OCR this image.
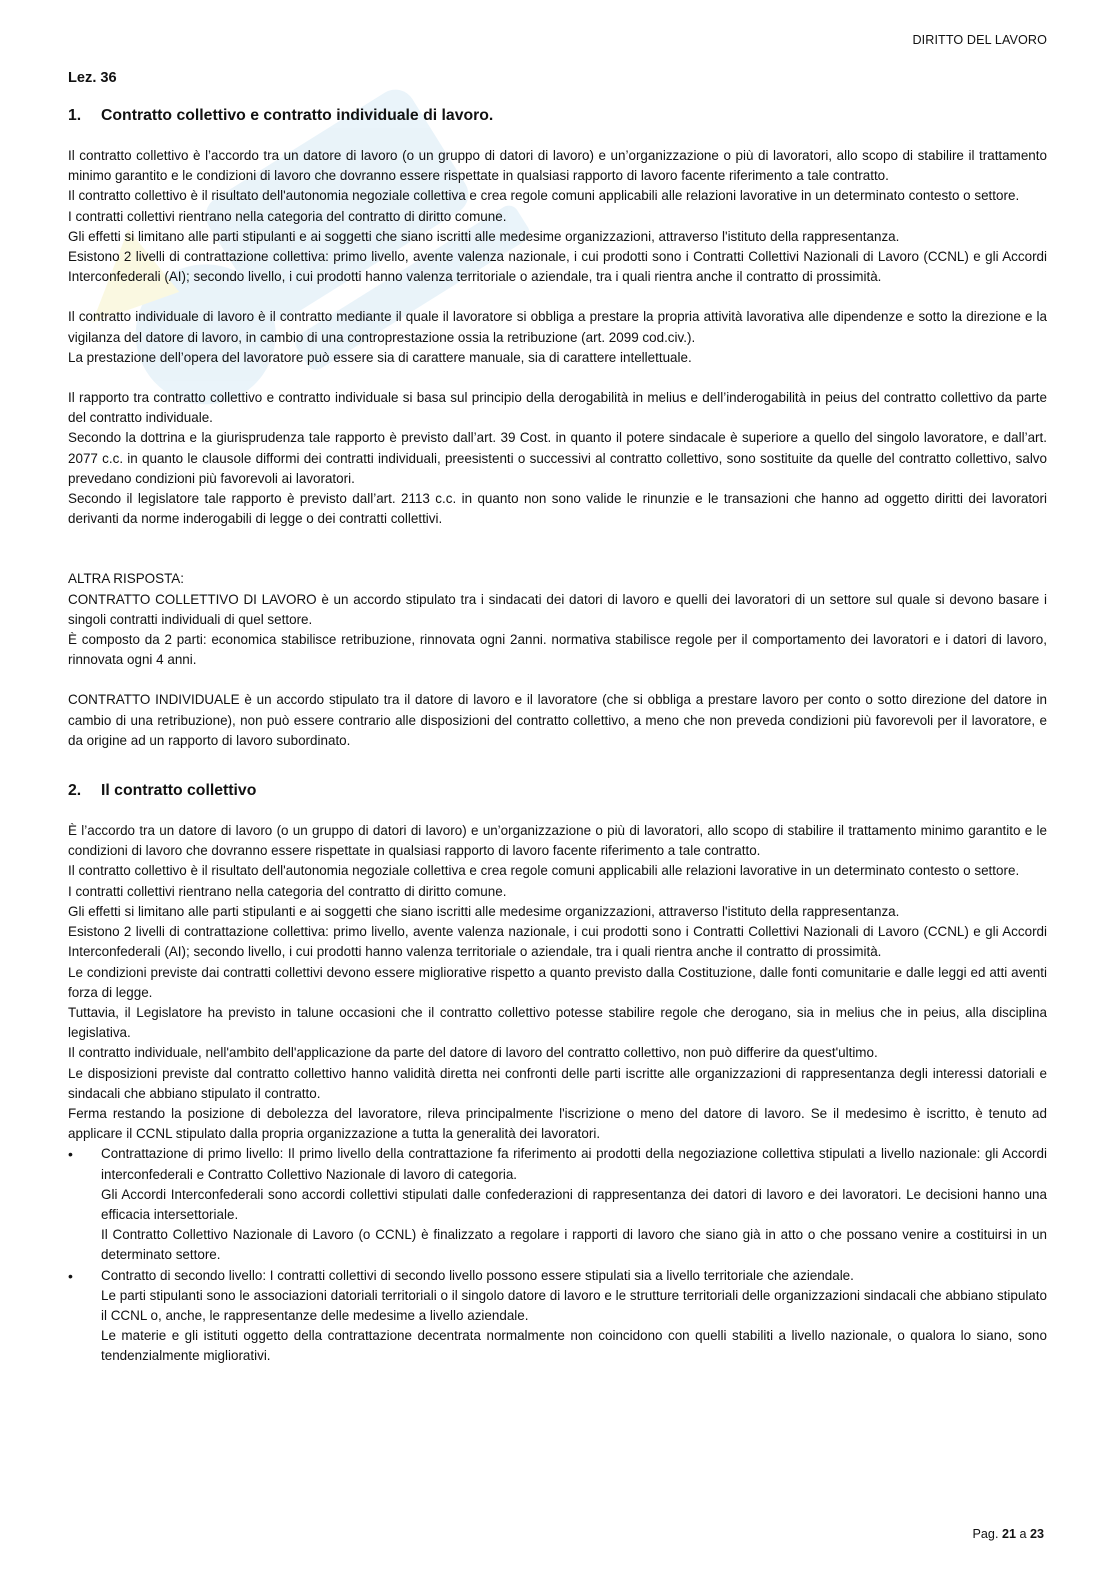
DIRITTO DEL LAVORO

Lez. 36

1.	Contratto collettivo e contratto individuale di lavoro.

Il contratto collettivo è l’accordo tra un datore di lavoro (o un gruppo di datori di lavoro) e un’organizzazione o più di lavoratori, allo scopo di stabilire il trattamento minimo garantito e le condizioni di lavoro che dovranno essere rispettate in qualsiasi rapporto di lavoro facente riferimento a tale contratto.

Il contratto collettivo è il risultato dell'autonomia negoziale collettiva e crea regole comuni applicabili alle relazioni lavorative in un determinato contesto o settore.

I contratti collettivi rientrano nella categoria del contratto di diritto comune.

Gli effetti si limitano alle parti stipulanti e ai soggetti che siano iscritti alle medesime organizzazioni, attraverso l'istituto della rappresentanza.

Esistono 2 livelli di contrattazione collettiva: primo livello, avente valenza nazionale, i cui prodotti sono i Contratti Collettivi Nazionali di Lavoro (CCNL) e gli Accordi Interconfederali (AI); secondo livello, i cui prodotti hanno valenza territoriale o aziendale, tra i quali rientra anche il contratto di prossimità.

Il contratto individuale di lavoro è il contratto mediante il quale il lavoratore si obbliga a prestare la propria attività lavorativa alle dipendenze e sotto la direzione e la vigilanza del datore di lavoro, in cambio di una controprestazione ossia la retribuzione (art. 2099 cod.civ.).

La prestazione dell’opera del lavoratore può essere sia di carattere manuale, sia di carattere intellettuale.

Il rapporto tra contratto collettivo e contratto individuale si basa sul principio della derogabilità in melius e dell’inderogabilità in peius del contratto collettivo da parte del contratto individuale.

Secondo la dottrina e la giurisprudenza tale rapporto è previsto dall’art. 39 Cost. in quanto il potere sindacale è superiore a quello del singolo lavoratore, e dall’art. 2077 c.c. in quanto le clausole difformi dei contratti individuali, preesistenti o successivi al contratto collettivo, sono sostituite da quelle del contratto collettivo, salvo prevedano condizioni più favorevoli ai lavoratori.

Secondo il legislatore tale rapporto è previsto dall’art. 2113 c.c. in quanto non sono valide le rinunzie e le transazioni che hanno ad oggetto diritti dei lavoratori derivanti da norme inderogabili di legge o dei contratti collettivi.

ALTRA RISPOSTA:

CONTRATTO COLLETTIVO DI LAVORO è un accordo stipulato tra i sindacati dei datori di lavoro e quelli dei lavoratori di un settore sul quale si devono basare i singoli contratti individuali di quel settore.

È composto da 2 parti: economica stabilisce retribuzione, rinnovata ogni 2anni. normativa stabilisce regole per il comportamento dei lavoratori e i datori di lavoro, rinnovata ogni 4 anni.

CONTRATTO INDIVIDUALE è un accordo stipulato tra il datore di lavoro e il lavoratore (che si obbliga a prestare lavoro per conto o sotto direzione del datore in cambio di una retribuzione), non può essere contrario alle disposizioni del contratto collettivo, a meno che non preveda condizioni più favorevoli per il lavoratore, e da origine ad un rapporto di lavoro subordinato.

2.	Il contratto collettivo

È l’accordo tra un datore di lavoro (o un gruppo di datori di lavoro) e un’organizzazione o più di lavoratori, allo scopo di stabilire il trattamento minimo garantito e le condizioni di lavoro che dovranno essere rispettate in qualsiasi rapporto di lavoro facente riferimento a tale contratto.

Il contratto collettivo è il risultato dell'autonomia negoziale collettiva e crea regole comuni applicabili alle relazioni lavorative in un determinato contesto o settore.

I contratti collettivi rientrano nella categoria del contratto di diritto comune.

Gli effetti si limitano alle parti stipulanti e ai soggetti che siano iscritti alle medesime organizzazioni, attraverso l'istituto della rappresentanza.

Esistono 2 livelli di contrattazione collettiva: primo livello, avente valenza nazionale, i cui prodotti sono i Contratti Collettivi Nazionali di Lavoro (CCNL) e gli Accordi Interconfederali (AI); secondo livello, i cui prodotti hanno valenza territoriale o aziendale, tra i quali rientra anche il contratto di prossimità.

Le condizioni previste dai contratti collettivi devono essere migliorative rispetto a quanto previsto dalla Costituzione, dalle fonti comunitarie e dalle leggi ed atti aventi forza di legge.

Tuttavia, il Legislatore ha previsto in talune occasioni che il contratto collettivo potesse stabilire regole che derogano, sia in melius che in peius, alla disciplina legislativa.

Il contratto individuale, nell'ambito dell'applicazione da parte del datore di lavoro del contratto collettivo, non può differire da quest'ultimo.

Le disposizioni previste dal contratto collettivo hanno validità diretta nei confronti delle parti iscritte alle organizzazioni di rappresentanza degli interessi datoriali e sindacali che abbiano stipulato il contratto.

Ferma restando la posizione di debolezza del lavoratore, rileva principalmente l'iscrizione o meno del datore di lavoro. Se il medesimo è iscritto, è tenuto ad applicare il CCNL stipulato dalla propria organizzazione a tutta la generalità dei lavoratori.

• Contrattazione di primo livello: Il primo livello della contrattazione fa riferimento ai prodotti della negoziazione collettiva stipulati a livello nazionale: gli Accordi interconfederali e Contratto Collettivo Nazionale di lavoro di categoria.

Gli Accordi Interconfederali sono accordi collettivi stipulati dalle confederazioni di rappresentanza dei datori di lavoro e dei lavoratori. Le decisioni hanno una efficacia intersettoriale.

Il Contratto Collettivo Nazionale di Lavoro (o CCNL) è finalizzato a regolare i rapporti di lavoro che siano già in atto o che possano venire a costituirsi in un determinato settore.

• Contratto di secondo livello: I contratti collettivi di secondo livello possono essere stipulati sia a livello territoriale che aziendale.

Le parti stipulanti sono le associazioni datoriali territoriali o il singolo datore di lavoro e le strutture territoriali delle organizzazioni sindacali che abbiano stipulato il CCNL o, anche, le rappresentanze delle medesime a livello aziendale.

Le materie e gli istituti oggetto della contrattazione decentrata normalmente non coincidono con quelli stabiliti a livello nazionale, o qualora lo siano, sono tendenzialmente migliorativi.

Pag. 21 a 23
